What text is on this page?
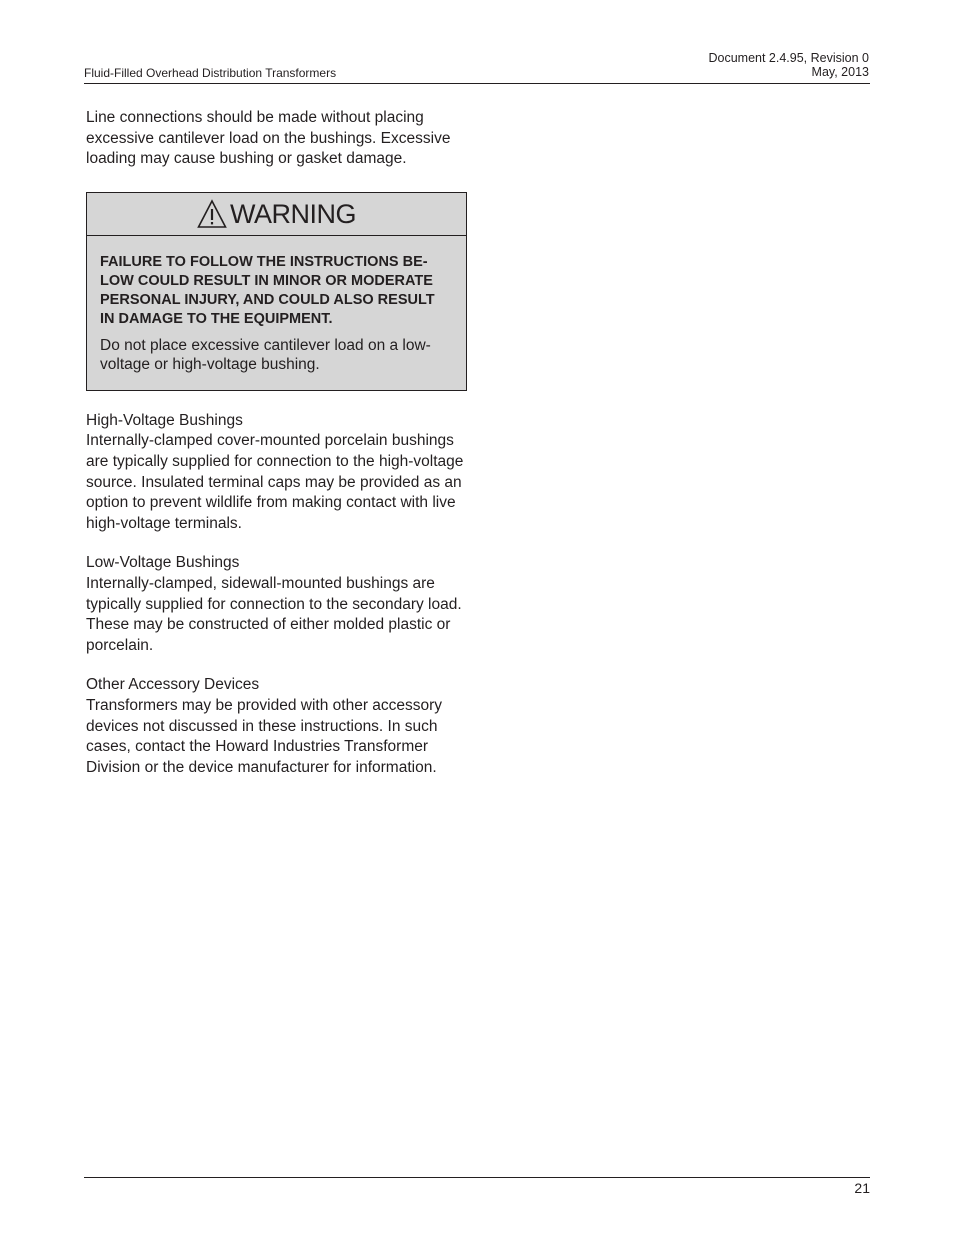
Fluid-Filled Overhead Distribution Transformers
Document 2.4.95, Revision 0
May, 2013

Line connections should be made without placing excessive cantilever load on the bushings. Excessive loading may cause bushing or gasket damage.

WARNING

FAILURE TO FOLLOW THE INSTRUCTIONS BELOW COULD RESULT IN MINOR OR MODERATE PERSONAL INJURY, AND COULD ALSO RESULT IN DAMAGE TO THE EQUIPMENT.

Do not place excessive cantilever load on a low-voltage or high-voltage bushing.

High-Voltage Bushings

Internally-clamped cover-mounted porcelain bushings are typically supplied for connection to the high-voltage source. Insulated terminal caps may be provided as an option to prevent wildlife from making contact with live high-voltage terminals.

Low-Voltage Bushings

Internally-clamped, sidewall-mounted bushings are typically supplied for connection to the secondary load. These may be constructed of either molded plastic or porcelain.

Other Accessory Devices

Transformers may be provided with other accessory devices not discussed in these instructions. In such cases, contact the Howard Industries Transformer Division or the device manufacturer for information.

21
